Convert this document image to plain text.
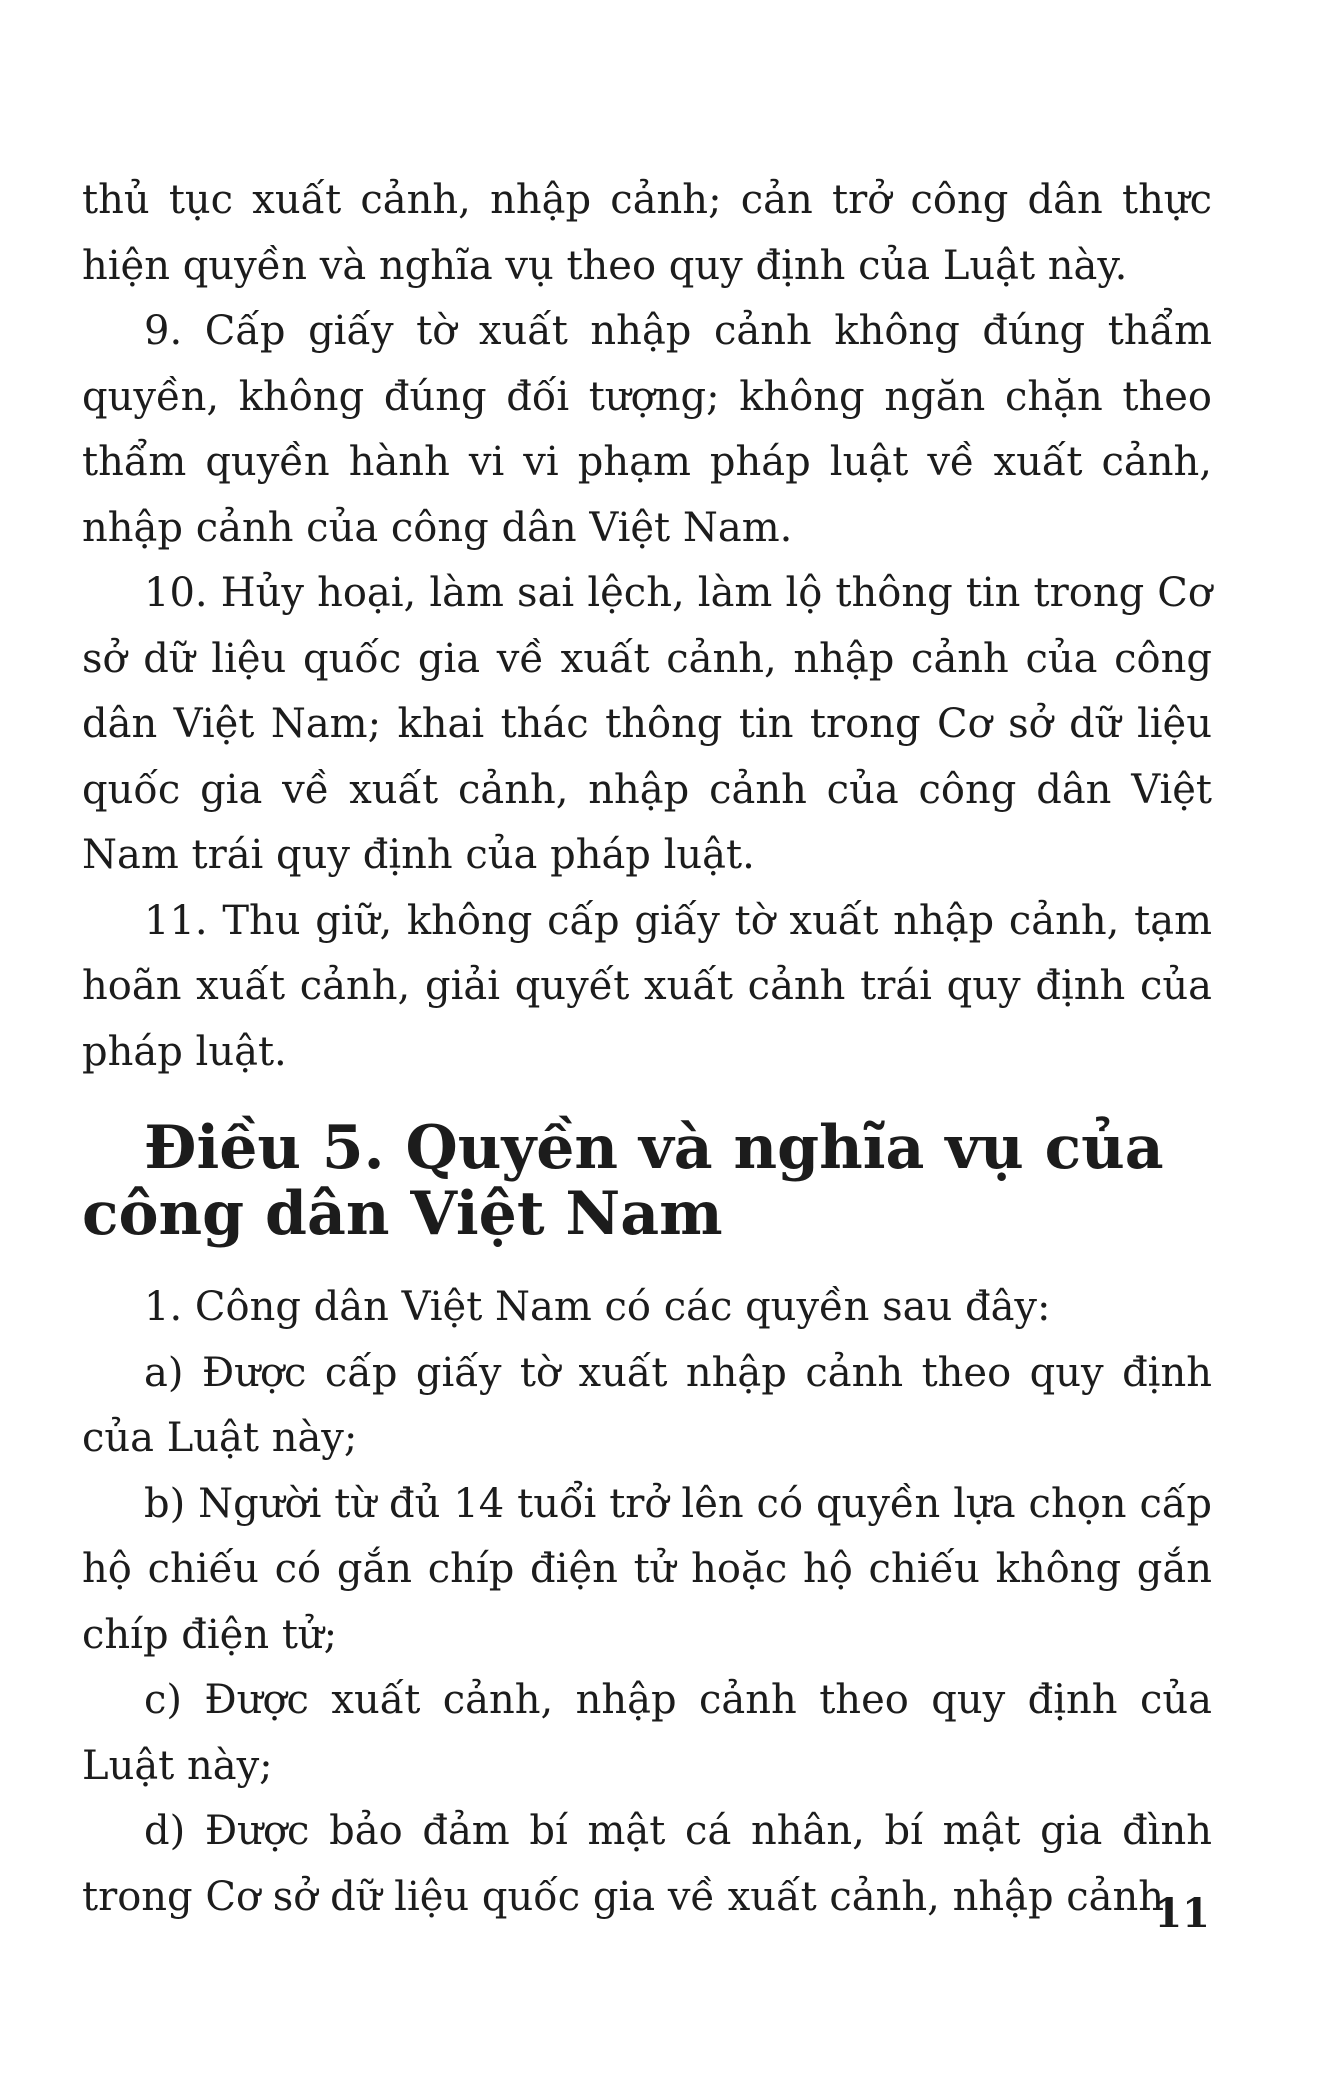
thủ tục xuất cảnh, nhập cảnh; cản trở công dân thực hiện quyền và nghĩa vụ theo quy định của Luật này.

9. Cấp giấy tờ xuất nhập cảnh không đúng thẩm quyền, không đúng đối tượng; không ngăn chặn theo thẩm quyền hành vi vi phạm pháp luật về xuất cảnh, nhập cảnh của công dân Việt Nam.

10. Hủy hoại, làm sai lệch, làm lộ thông tin trong Cơ sở dữ liệu quốc gia về xuất cảnh, nhập cảnh của công dân Việt Nam; khai thác thông tin trong Cơ sở dữ liệu quốc gia về xuất cảnh, nhập cảnh của công dân Việt Nam trái quy định của pháp luật.

11. Thu giữ, không cấp giấy tờ xuất nhập cảnh, tạm hoãn xuất cảnh, giải quyết xuất cảnh trái quy định của pháp luật.

Điều 5. Quyền và nghĩa vụ của công dân Việt Nam

1. Công dân Việt Nam có các quyền sau đây:

a) Được cấp giấy tờ xuất nhập cảnh theo quy định của Luật này;

b) Người từ đủ 14 tuổi trở lên có quyền lựa chọn cấp hộ chiếu có gắn chíp điện tử hoặc hộ chiếu không gắn chíp điện tử;

c) Được xuất cảnh, nhập cảnh theo quy định của Luật này;

d) Được bảo đảm bí mật cá nhân, bí mật gia đình trong Cơ sở dữ liệu quốc gia về xuất cảnh, nhập cảnh

11
